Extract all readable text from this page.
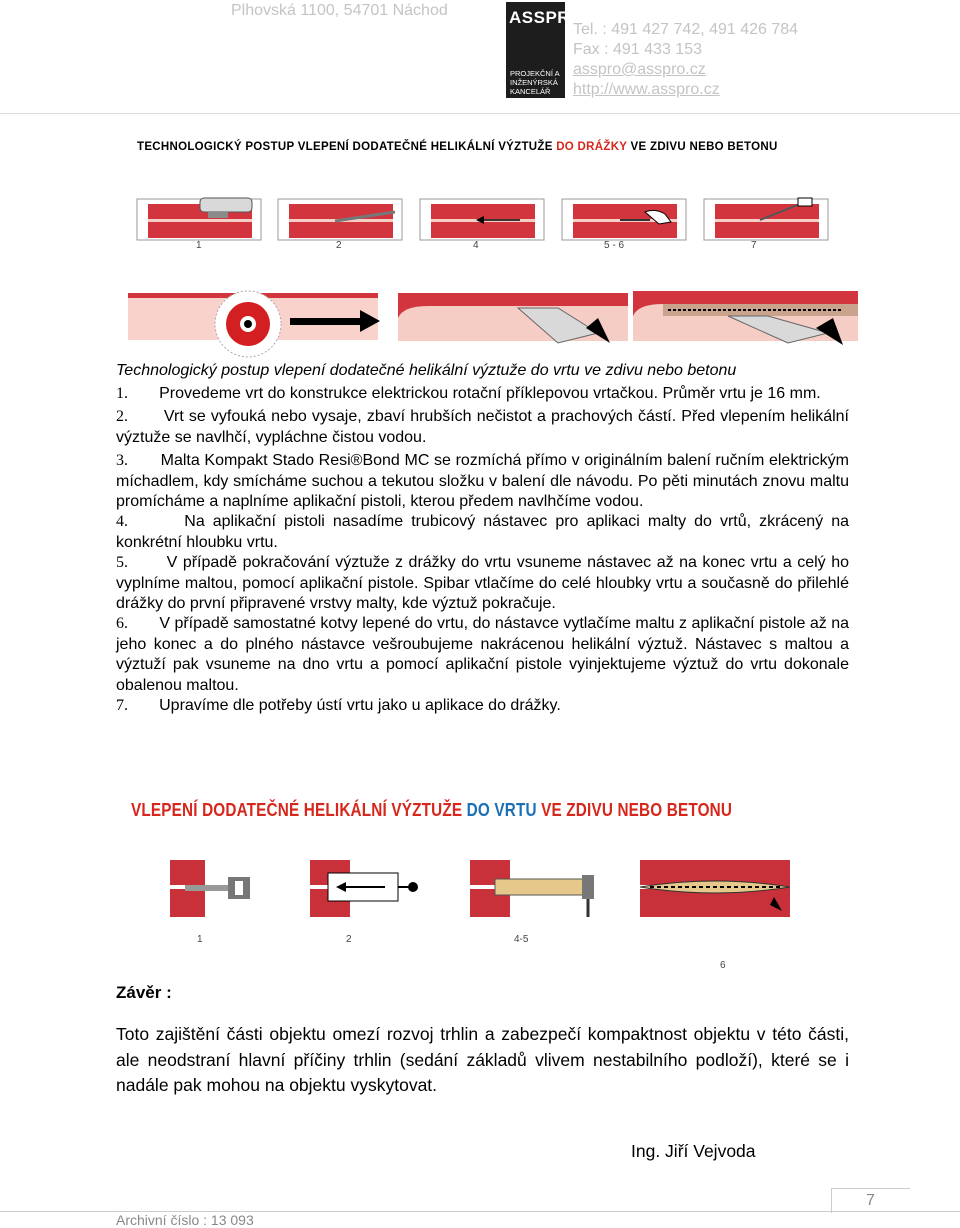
Plhovská 1100, 54701 Náchod	ASSPRO
PROJEKČNÍ A
INŽENÝRSKÁ
KANCELÁŘ s.r.o.
Tel. : 491 427 742, 491 426 784
Fax : 491 433 153
asspro@asspro.cz
http://www.asspro.cz
TECHNOLOGICKÝ POSTUP VLEPENÍ DODATEČNÉ HELIKÁLNÍ VÝZTUŽE DO DRÁŽKY VE ZDIVU NEBO BETONU
1	2	4	5 - 6	7
Technologický postup vlepení dodatečné helikální výztuže do vrtu ve zdivu nebo betonu
1. Provedeme vrt do konstrukce elektrickou rotační příklepovou vrtačkou. Průměr vrtu je 16 mm.
2. Vrt se vyfouká nebo vysaje, zbaví hrubších nečistot a prachových částí. Před vlepením helikální výztuže se navlhčí, vypláchne čistou vodou.
3. Malta Kompakt Stado Resi®Bond MC se rozmíchá přímo v originálním balení ručním elektrickým míchadlem, kdy smícháme suchou a tekutou složku v balení dle návodu. Po pěti minutách znovu maltu promícháme a naplníme aplikační pistoli, kterou předem navlhčíme vodou.
4.	Na aplikační pistoli nasadíme trubicový nástavec pro aplikaci malty do vrtů, zkrácený na konkrétní hloubku vrtu.
5. V případě pokračování výztuže z drážky do vrtu vsuneme nástavec až na konec vrtu a celý ho vyplníme maltou, pomocí aplikační pistole. Spibar vtlačíme do celé hloubky vrtu a současně do přilehlé drážky do první připravené vrstvy malty, kde výztuž pokračuje.
6. V případě samostatné kotvy lepené do vrtu, do nástavce vytlačíme maltu z aplikační pistole až na jeho konec a do plného nástavce vešroubujeme nakrácenou helikální výztuž. Nástavec s maltou a výztuží pak vsuneme na dno vrtu a pomocí aplikační pistole vyinjektujeme výztuž do vrtu dokonale obalenou maltou.
7. Upravíme dle potřeby ústí vrtu jako u aplikace do drážky.
VLEPENÍ DODATEČNÉ HELIKÁLNÍ VÝZTUŽE DO VRTU VE ZDIVU NEBO BETONU
1	2	4-5
6
Závěr :
Toto zajištění části objektu omezí rozvoj trhlin a zabezpečí kompaktnost objektu v této části, ale neodstraní hlavní příčiny trhlin (sedání základů vlivem nestabilního podloží), které se i nadále pak mohou na objektu vyskytovat.
Ing. Jiří Vejvoda
7
Archivní číslo : 13 093
